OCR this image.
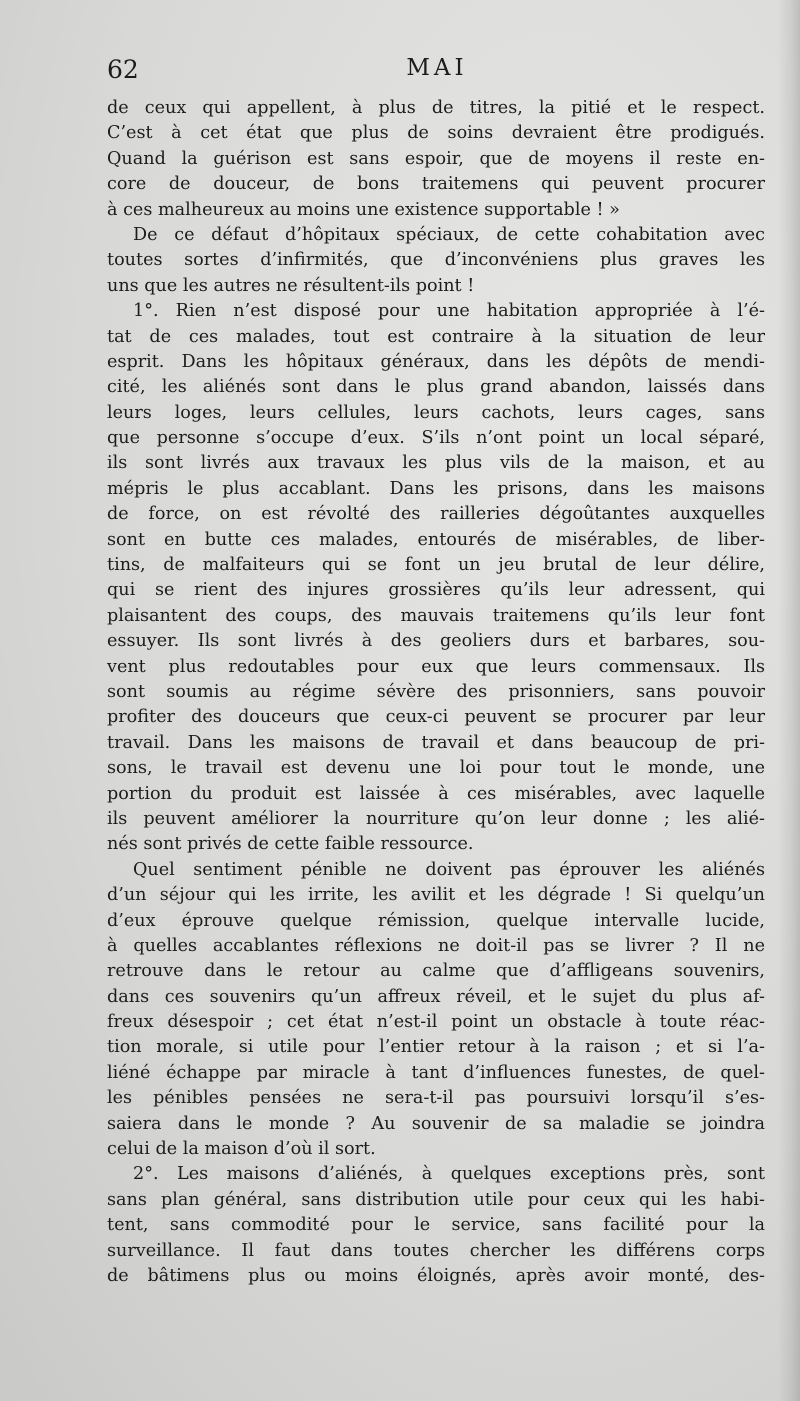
62	MAI
de ceux qui appellent, à plus de titres, la pitié et le respect.
C’est à cet état que plus de soins devraient être prodigués.
Quand la guérison est sans espoir, que de moyens il reste en-
core de douceur, de bons traitemens qui peuvent procurer
à ces malheureux au moins une existence supportable ! »
De ce défaut d’hôpitaux spéciaux, de cette cohabitation avec
toutes sortes d’infirmités, que d’inconvéniens plus graves les
uns que les autres ne résultent-ils point !
1°. Rien n’est disposé pour une habitation appropriée à l’é-
tat de ces malades, tout est contraire à la situation de leur
esprit. Dans les hôpitaux généraux, dans les dépôts de mendi-
cité, les aliénés sont dans le plus grand abandon, laissés dans
leurs loges, leurs cellules, leurs cachots, leurs cages, sans
que personne s’occupe d’eux. S’ils n’ont point un local séparé,
ils sont livrés aux travaux les plus vils de la maison, et au
mépris le plus accablant. Dans les prisons, dans les maisons
de force, on est révolté des railleries dégoûtantes auxquelles
sont en butte ces malades, entourés de misérables, de liber-
tins, de malfaiteurs qui se font un jeu brutal de leur délire,
qui se rient des injures grossières qu’ils leur adressent, qui
plaisantent des coups, des mauvais traitemens qu’ils leur font
essuyer. Ils sont livrés à des geoliers durs et barbares, sou-
vent plus redoutables pour eux que leurs commensaux. Ils
sont soumis au régime sévère des prisonniers, sans pouvoir
profiter des douceurs que ceux-ci peuvent se procurer par leur
travail. Dans les maisons de travail et dans beaucoup de pri-
sons, le travail est devenu une loi pour tout le monde, une
portion du produit est laissée à ces misérables, avec laquelle
ils peuvent améliorer la nourriture qu’on leur donne ; les alié-
nés sont privés de cette faible ressource.
Quel sentiment pénible ne doivent pas éprouver les aliénés
d’un séjour qui les irrite, les avilit et les dégrade ! Si quelqu’un
d’eux éprouve quelque rémission, quelque intervalle lucide,
à quelles accablantes réflexions ne doit-il pas se livrer ? Il ne
retrouve dans le retour au calme que d’affligeans souvenirs,
dans ces souvenirs qu’un affreux réveil, et le sujet du plus af-
freux désespoir ; cet état n’est-il point un obstacle à toute réac-
tion morale, si utile pour l’entier retour à la raison ; et si l’a-
liéné échappe par miracle à tant d’influences funestes, de quel-
les pénibles pensées ne sera-t-il pas poursuivi lorsqu’il s’es-
saiera dans le monde ? Au souvenir de sa maladie se joindra
celui de la maison d’où il sort.
2°. Les maisons d’aliénés, à quelques exceptions près, sont
sans plan général, sans distribution utile pour ceux qui les habi-
tent, sans commodité pour le service, sans facilité pour la
surveillance. Il faut dans toutes chercher les différens corps
de bâtimens plus ou moins éloignés, après avoir monté, des-
